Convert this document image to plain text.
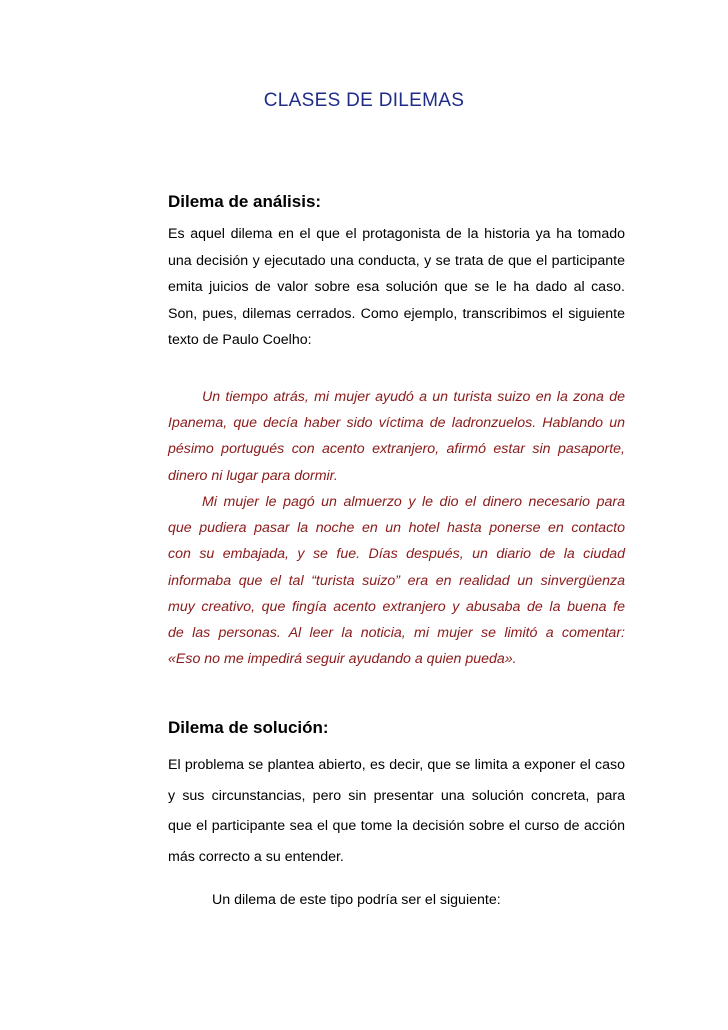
CLASES DE DILEMAS
Dilema de análisis:
Es aquel dilema en el que el protagonista de la historia ya ha tomado
una decisión y ejecutado una conducta, y se trata de que el participante
emita juicios de valor sobre esa solución que se le ha dado al caso.
Son, pues, dilemas cerrados. Como ejemplo, transcribimos el siguiente
texto de Paulo Coelho:
Un tiempo atrás, mi mujer ayudó a un turista suizo en la zona de
Ipanema, que decía haber sido víctima de ladronzuelos. Hablando un
pésimo portugués con acento extranjero, afirmó estar sin pasaporte,
dinero ni lugar para dormir.
Mi mujer le pagó un almuerzo y le dio el dinero necesario para
que pudiera pasar la noche en un hotel hasta ponerse en contacto
con su embajada, y se fue. Días después, un diario de la ciudad
informaba que el tal “turista suizo” era en realidad un sinvergüenza
muy creativo, que fingía acento extranjero y abusaba de la buena fe
de las personas. Al leer la noticia, mi mujer se limitó a comentar:
«Eso no me impedirá seguir ayudando a quien pueda».
Dilema de solución:
El problema se plantea abierto, es decir, que se limita a exponer el caso
y sus circunstancias, pero sin presentar una solución concreta, para
que el participante sea el que tome la decisión sobre el curso de acción
más correcto a su entender.
Un dilema de este tipo podría ser el siguiente:
